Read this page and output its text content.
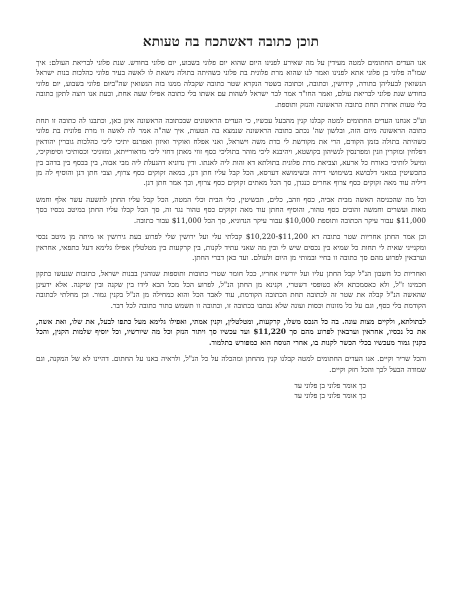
תוכן כתובה דאשתכח בה טעותא

אנו העדים החתומים למטה מעידין על מה שאירע לפנינו היום שהוא יום פלוני בשבוע, יום פלוני בחודש. שנת פלוני לבריאת העולם: איך שמו"ה פלוני בן פלוני אתא לפנינו ואמר לנו שהוא מרת פלונית בת פלוני כשהיתה בתולה נישאת לו לאשה בעיר פלוני כהלכות בנות ישראל הנשואין לבעליהן בתורה, קידושין, וכתובה, וכתובה בשטר הנקרא שטר כתובה שקבלה ממנו בזה הנשואין שה"ביום פלוני בשבוע, יום פלוני בחודש שנת פלוני לבריאת עולם, ואמר החו"ד אמר לבר ישראל לשהות עם אשתו בלי כתובה אפילו שעה אחת, וכעת אנו רוצה לתקן כתובה בלי טעות אחרת תחת כתובה הראשונה והנזק ותוספת.

וע"כ אנחנו העדים החתומים למטה קבלנו קנין מהבעל עכשיו, כי העדים הראשונים שבכתובה הראשונה אינן כאן, וכתבנו לה כתובה זו תחת כתובה הראשונה מיום הזה, ובלשון שה' נכתב כתובה הראשונה שנמצא בה הטעות, איך שה"ה אמר לה לאשה זו מרת פלונית בת פלוני כשהיתה בתולה בזמן הקודם, הרי את מקודשת לי כדת משה וישראל, ואני אפלח ואוקיר ואיזון ואפרנס יתיכי ליכי כהלכות גוברין יהודאין דפלחין ומוקרין וזנין ומפרנסין לנשיהון בקושטא, ויהיבנא ליכי מוהר בתוליכי כסף זוזי מאתן דחזי ליכי מדאורייתא, ומזוניכי וכסותיכי וסיפוקיכי, ומיעל לותיכי כאורח כל ארעא, וצביאת מרת פלונית בתולתא דא והות ליה לאנתו. ודין נדוניא דהנעלת ליה מבי אבוה, בין בכסף בין בדהב בין בתכשיטין במאני דלבושא בשימושי דירה ובשימושא דערסא, הכל קבל עליו חתן דנן, במאה זקוקים כסף צרוף, וצבי חתן דנן והוסיף לה מן דיליה עוד מאה זקוקים כסף צרוף אחרים כנגדן, סך הכל מאתים זקוקים כסף צרוף, וכך אמר חתן דנן.

וכל מה שהכניסה האשה מבית אביה, כסף וזהב, כלים, תכשיטין, כלי הבית וכלי המטה, הכל קבל עליו החתן לתשעה עשר אלף וחמש מאות ועשרים וחמשה זהובים כסף טהור, והוסיף החתן עוד מאה זקוקים כסף טהור נגד זה, סך הכל קבלו עליו החתן במיטב נכסיו בסך $11,000 עבור עיקר הכתובה ותוספת $10,000 עבור עיקר הנדוניא, סך הכל $11,000 עבור כתובה.

וכן אמר החתן אחריות שטר כתובה דא $11,200-$10,220 קבלתי עלי ועל ירושין שלי לפרוע בעת גירושין או מיתה מן מיטב נכסי ומקנייני שאית לי תחות כל שמיא בין נכסים שיש לי ובין מה שאני עתיד לקנות, בין קרקעות בין מטלטלין אפילו גלימא דעל כתפאי, אחראין וערבאין לפרוע מהם סך כתובה זו בחיי ובמותי מן היום ולעולם. ועד כאן דברי החתן.

ואחריות כל חשבון הנ"ל קבל החתן עליו ועל יורשיו אחריו, ככל חומר שטרי כתובות ותוספות שנוהגין בבנות ישראל, כתובות שנעשו כתקון חכמינו ז"ל, ולא כאסמכתא ולא כטופסי דשטרי, וקנינא מן החתן הנ"ל, לפרוע הכל מכל הבא לידו בין שקנה ובין שיקנה. אלא ידעינן שהאשה הנ"ל קבלה את שטר זה לכתובה תחת הכתובה הקודמת, עוד לאבד הכל והוא כמחילה מן הנ"ל בקנין גמור. וכן מחלתי לכתובה הקודמת בלי כסף, וגם על כל מזונות וכסות ועונה שלא נכתבו בכתובה זו, וכתובה זו תשמש בתור כתובה לכל דבר.

לבתולתא, ולקיים מצות עונה. בה כל הנכס משלו, קרקעות, ומטלטלין, וקנין אמתי, ואפילו גלימא מעל כתפו לבעל, את שלו, ואת אשה, את כל נכסיו, אחראין וערבאין לפרוע מהם סך $11,220 ועד עכשיו סך ויתור הנזק וכל מה שיורשיו, וכל יוסיף שלמות הקנין, והכל בקנין גמור מעכשיו בכלי הכשר לקנות בו, אחרי הנוסח הוא כמפורש בתלמוד.

והכל שריר וקיים. אנו העדים החתומים למטה קבלנו קנין מהחתן ומהכלה על כל הנ"ל, ולראיה באנו על החתום. דהיינו לא של המקנה, וגם שמודה הבעל לכך והכל חזק וקיים.

כך אומר פלוני בן פלוני עד

כך אומר פלוני בן פלוני עד
